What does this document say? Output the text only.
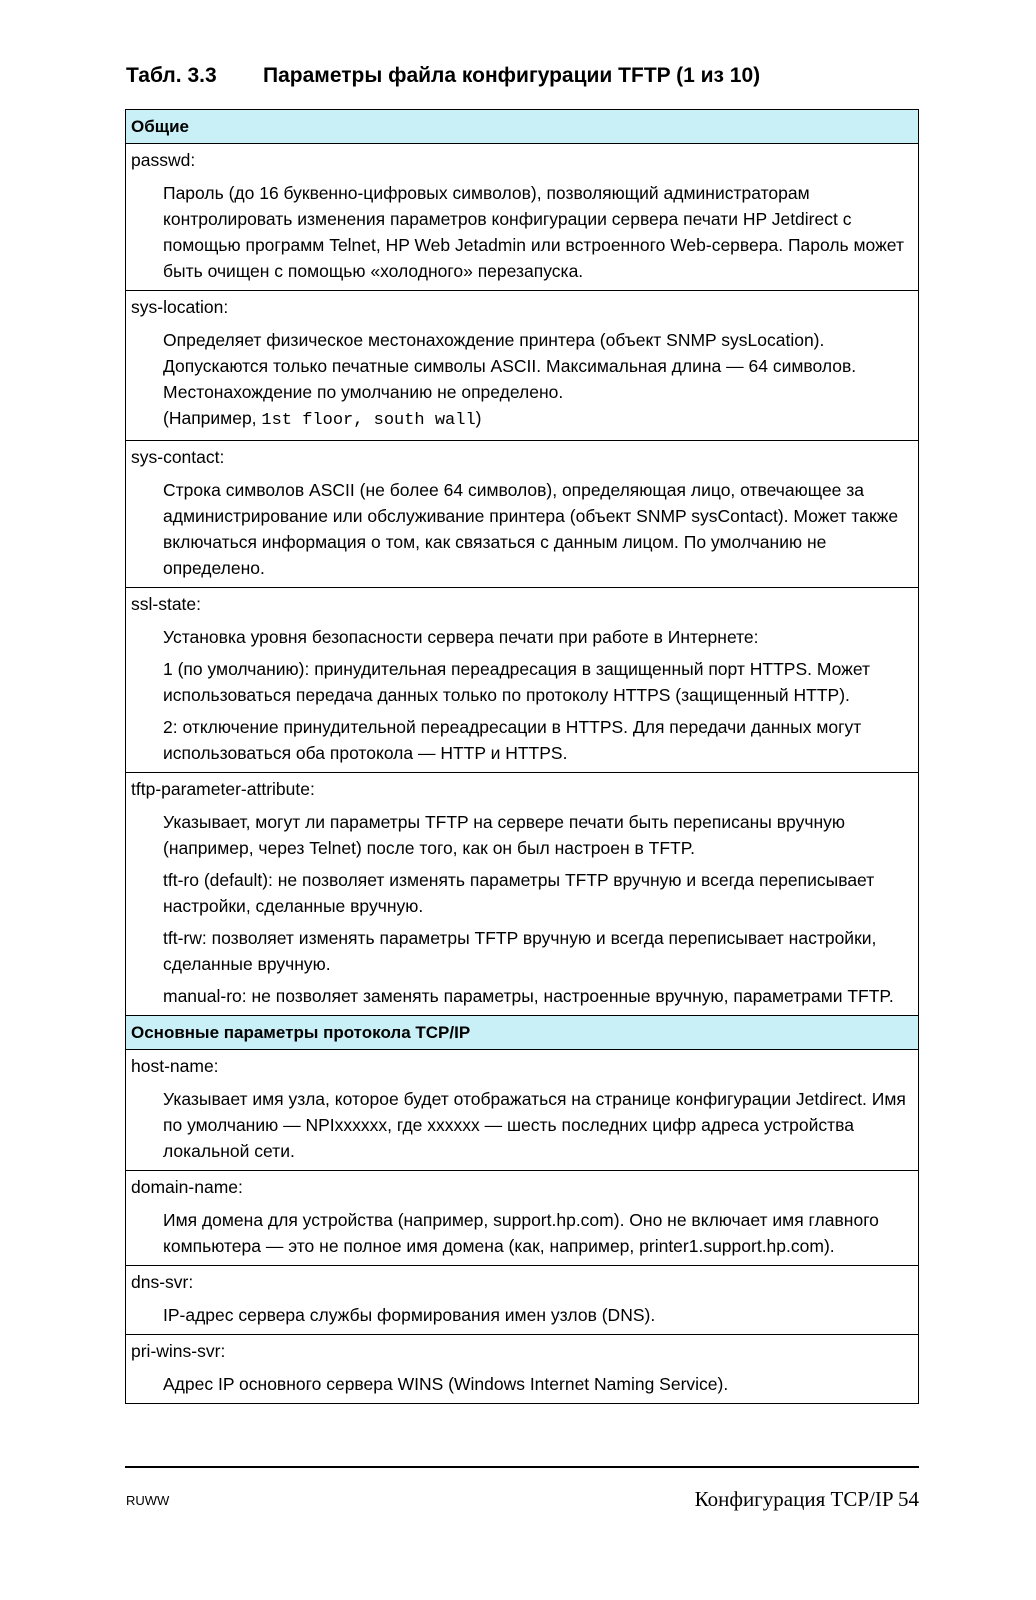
Табл. 3.3 Параметры файла конфигурации TFTP (1 из 10)
Общие
passwd:

Пароль (до 16 буквенно-цифровых символов), позволяющий администраторам контролировать изменения параметров конфигурации сервера печати HP Jetdirect с помощью программ Telnet, HP Web Jetadmin или встроенного Web-сервера. Пароль может быть очищен с помощью «холодного» перезапуска.

sys-location:

Определяет физическое местонахождение принтера (объект SNMP sysLocation). Допускаются только печатные символы ASCII. Максимальная длина — 64 символов. Местонахождение по умолчанию не определено.

(Например, 1st floor, south wall)

sys-contact:

Строка символов ASCII (не более 64 символов), определяющая лицо, отвечающее за администрирование или обслуживание принтера (объект SNMP sysContact). Может также включаться информация о том, как связаться с данным лицом. По умолчанию не определено.

ssl-state:

Установка уровня безопасности сервера печати при работе в Интернете:

1 (по умолчанию): принудительная переадресация в защищенный порт HTTPS. Может использоваться передача данных только по протоколу HTTPS (защищенный HTTP).

2: отключение принудительной переадресации в HTTPS. Для передачи данных могут использоваться оба протокола — HTTP и HTTPS.

tftp-parameter-attribute:

Указывает, могут ли параметры TFTP на сервере печати быть переписаны вручную (например, через Telnet) после того, как он был настроен в TFTP.

tft-ro (default): не позволяет изменять параметры TFTP вручную и всегда переписывает настройки, сделанные вручную.

tft-rw: позволяет изменять параметры TFTP вручную и всегда переписывает настройки, сделанные вручную.

manual-ro: не позволяет заменять параметры, настроенные вручную, параметрами TFTP.

Основные параметры протокола TCP/IP
host-name:

Указывает имя узла, которое будет отображаться на странице конфигурации Jetdirect. Имя по умолчанию — NPIxxxxxx, где xxxxxx — шесть последних цифр адреса устройства локальной сети.

domain-name:

Имя домена для устройства (например, support.hp.com). Оно не включает имя главного компьютера — это не полное имя домена (как, например, printer1.support.hp.com).

dns-svr:

IP-адрес сервера службы формирования имен узлов (DNS).

pri-wins-svr:

Адрес IP основного сервера WINS (Windows Internet Naming Service).

RUWW	Конфигурация TCP/IP 54
